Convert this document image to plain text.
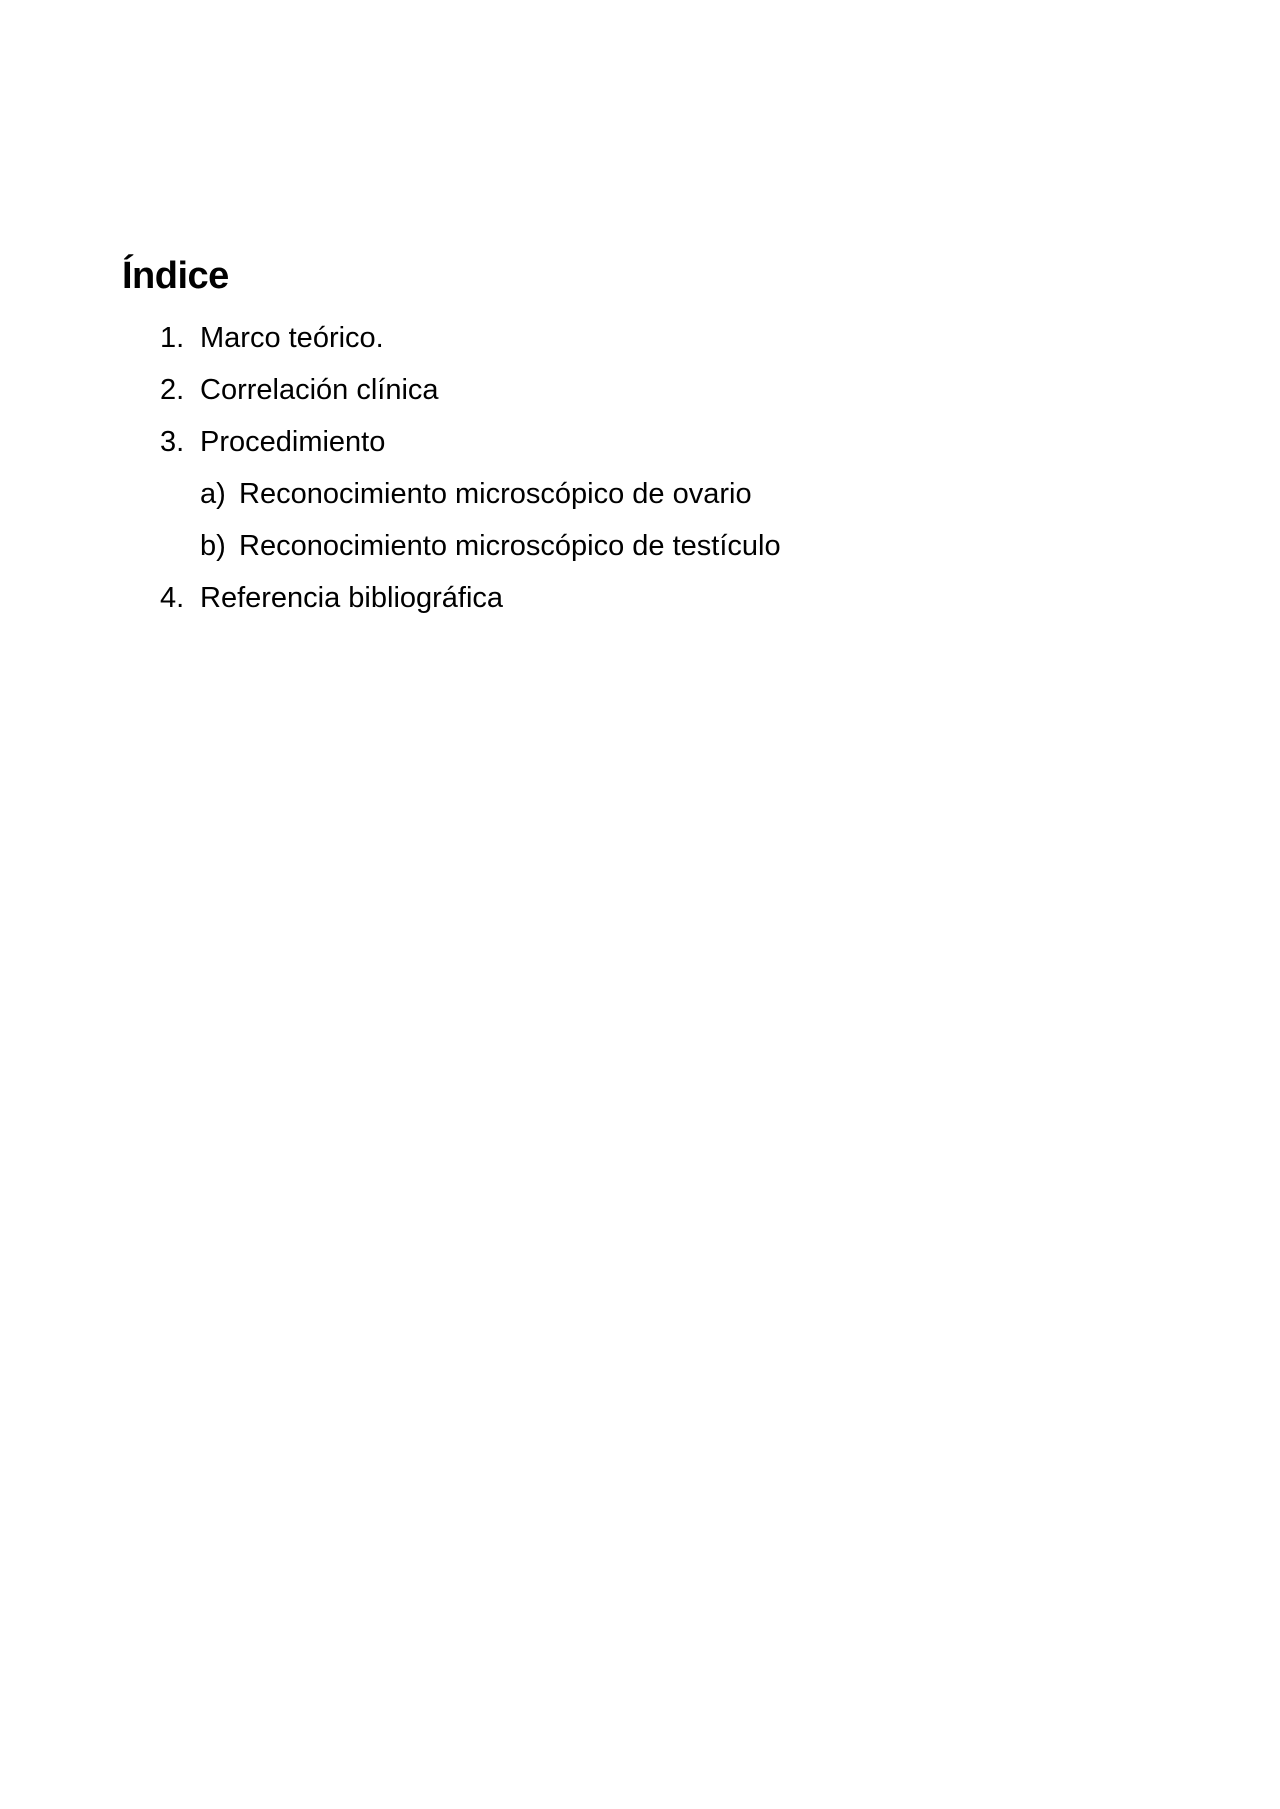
Índice
1. Marco teórico.
2. Correlación clínica
3. Procedimiento
a) Reconocimiento microscópico de ovario
b) Reconocimiento microscópico de testículo
4. Referencia bibliográfica
